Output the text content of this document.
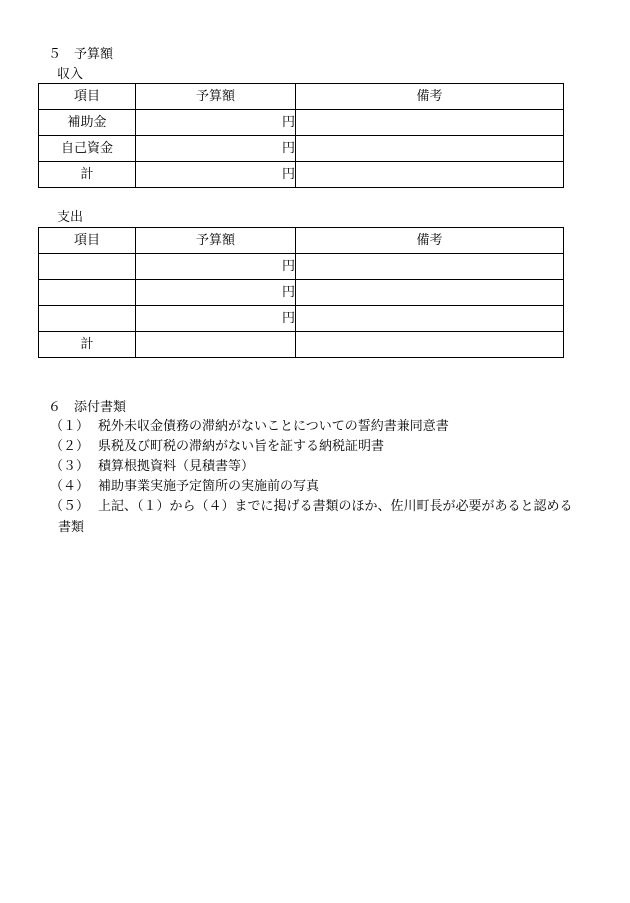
５　予算額
収入
項目	予算額	備考
補助金	円	
自己資金	円	
計	円	
支出
項目	予算額	備考
	円	
	円	
	円	
計		
６　添付書類
（１） 税外未収金債務の滞納がないことについての誓約書兼同意書
（２） 県税及び町税の滞納がない旨を証する納税証明書
（３） 積算根拠資料（見積書等）
（４） 補助事業実施予定箇所の実施前の写真
（５） 上記、（１）から（４）までに掲げる書類のほか、佐川町長が必要があると認める
書類
